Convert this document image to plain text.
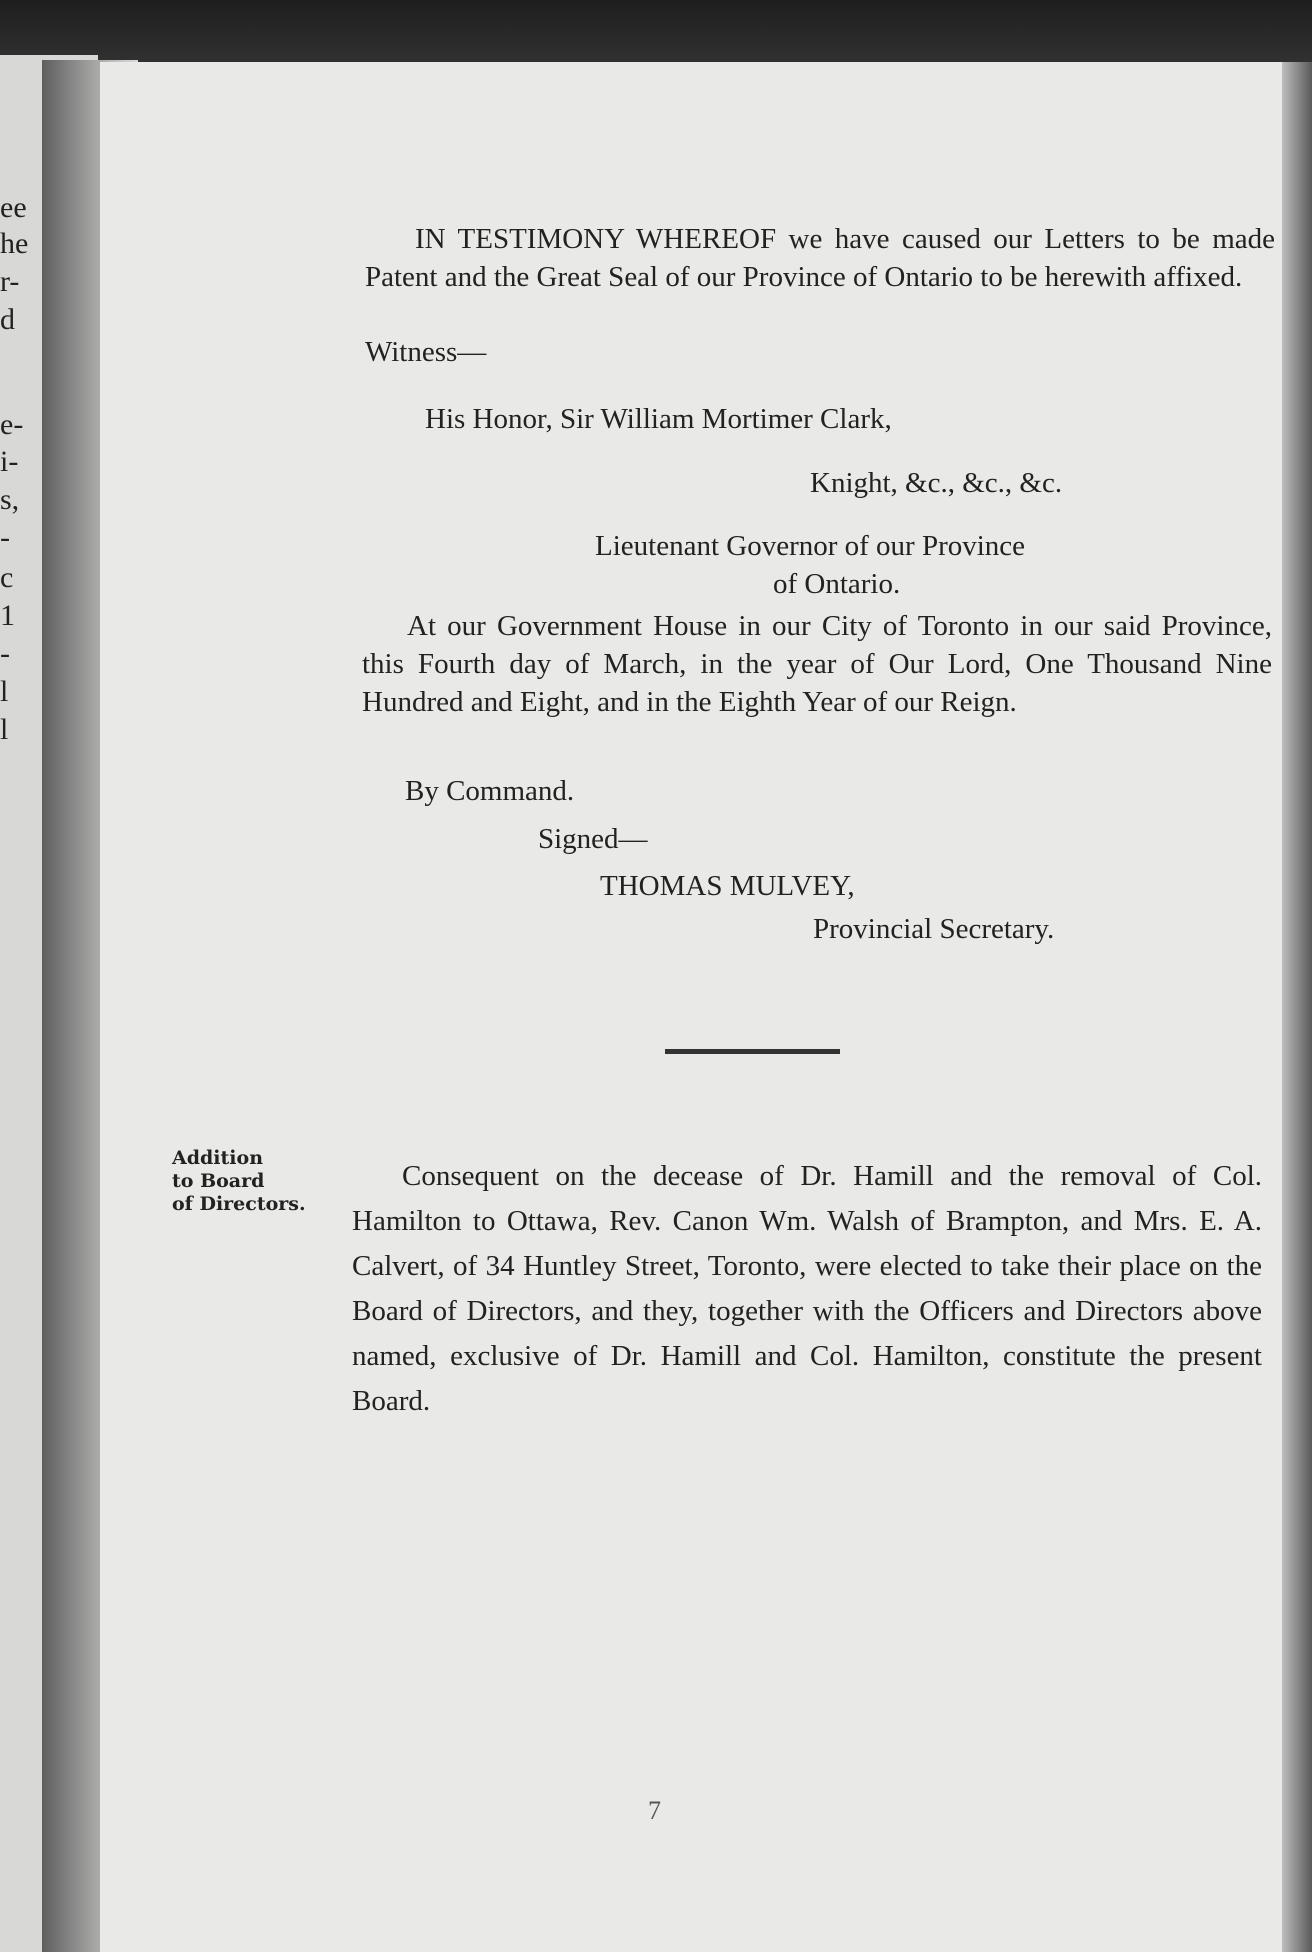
ee
he
r-
d
e-
i-
s,
-
c
1
-
l
l

IN TESTIMONY WHEREOF we have caused our Letters to be made Patent and the Great Seal of our Province of Ontario to be herewith affixed.

Witness—

His Honor, Sir William Mortimer Clark,

Knight, &c., &c., &c.

Lieutenant Governor of our Province

of Ontario.

At our Government House in our City of Toronto in our said Province, this Fourth day of March, in the year of Our Lord, One Thousand Nine Hundred and Eight, and in the Eighth Year of our Reign.

By Command.

Signed—

THOMAS MULVEY,

Provincial Secretary.

Addition
to Board
of Directors.

Consequent on the decease of Dr. Hamill and the removal of Col. Hamilton to Ottawa, Rev. Canon Wm. Walsh of Brampton, and Mrs. E. A. Calvert, of 34 Huntley Street, Toronto, were elected to take their place on the Board of Directors, and they, together with the Officers and Directors above named, exclusive of Dr. Hamill and Col. Hamilton, constitute the present Board.

7
